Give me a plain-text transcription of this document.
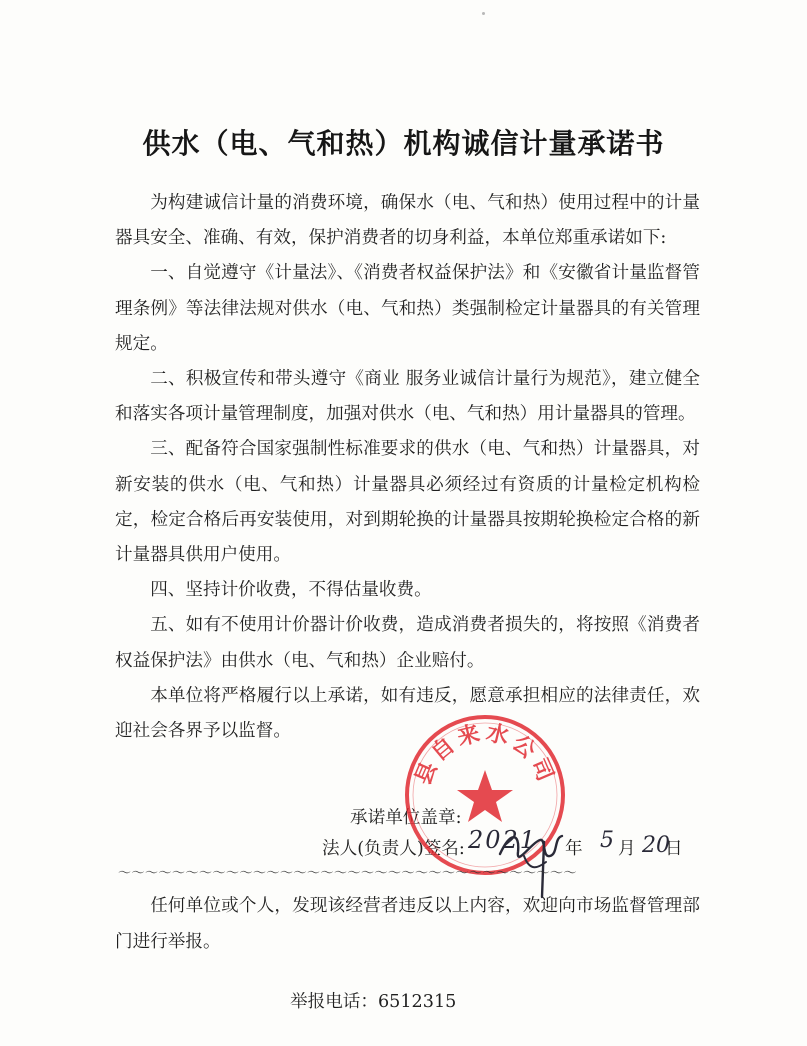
供水（电、气和热）机构诚信计量承诺书

为构建诚信计量的消费环境，确保水（电、气和热）使用过程中的计量器具安全、准确、有效，保护消费者的切身利益，本单位郑重承诺如下:

一、自觉遵守《计量法》、《消费者权益保护法》和《安徽省计量监督管理条例》等法律法规对供水（电、气和热）类强制检定计量器具的有关管理规定。

二、积极宣传和带头遵守《商业 服务业诚信计量行为规范》，建立健全和落实各项计量管理制度，加强对供水（电、气和热）用计量器具的管理。

三、配备符合国家强制性标准要求的供水（电、气和热）计量器具，对新安装的供水（电、气和热）计量器具必须经过有资质的计量检定机构检定，检定合格后再安装使用，对到期轮换的计量器具按期轮换检定合格的新计量器具供用户使用。

四、坚持计价收费，不得估量收费。

五、如有不使用计价器计价收费，造成消费者损失的，将按照《消费者权益保护法》由供水（电、气和热）企业赔付。

本单位将严格履行以上承诺，如有违反，愿意承担相应的法律责任，欢迎社会各界予以监督。

承诺单位盖章:
法人(负责人)签名: 2021 年 5 月 20
日
县自来水公司
～～～～～～～～～～～～～～～～～～～～～～～～～～～～～～～～～～

任何单位或个人，发现该经营者违反以上内容，欢迎向市场监督管理部门进行举报。

举报电话：6512315
